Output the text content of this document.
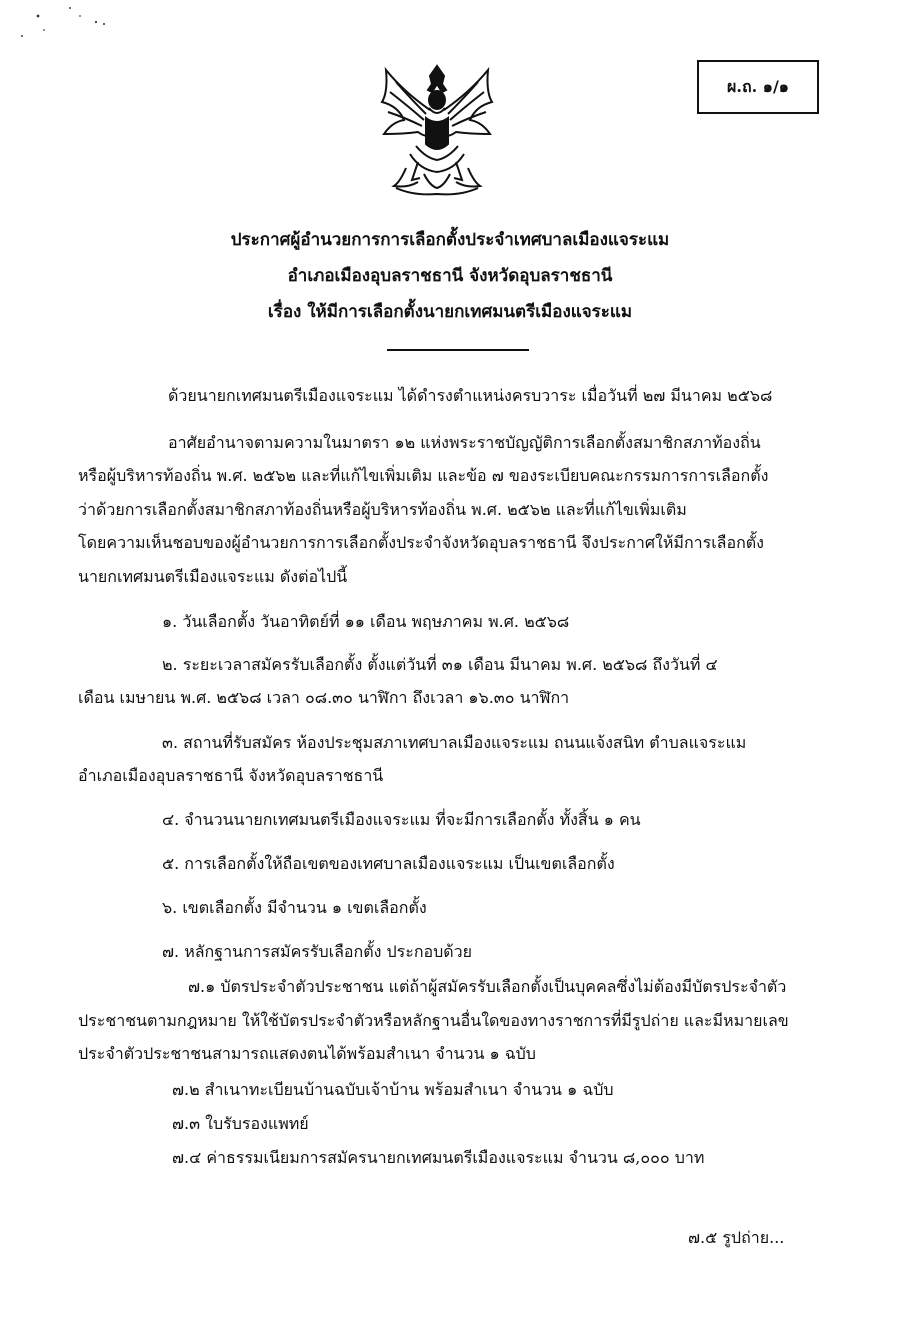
ผ.ถ. ๑/๑
ประกาศผู้อำนวยการการเลือกตั้งประจำเทศบาลเมืองแจระแม
อำเภอเมืองอุบลราชธานี จังหวัดอุบลราชธานี
เรื่อง ให้มีการเลือกตั้งนายกเทศมนตรีเมืองแจระแม
ด้วยนายกเทศมนตรีเมืองแจระแม ได้ดำรงตำแหน่งครบวาระ เมื่อวันที่ ๒๗ มีนาคม ๒๕๖๘
อาศัยอำนาจตามความในมาตรา ๑๒ แห่งพระราชบัญญัติการเลือกตั้งสมาชิกสภาท้องถิ่น
หรือผู้บริหารท้องถิ่น พ.ศ. ๒๕๖๒ และที่แก้ไขเพิ่มเติม และข้อ ๗ ของระเบียบคณะกรรมการการเลือกตั้ง
ว่าด้วยการเลือกตั้งสมาชิกสภาท้องถิ่นหรือผู้บริหารท้องถิ่น พ.ศ. ๒๕๖๒ และที่แก้ไขเพิ่มเติม
โดยความเห็นชอบของผู้อำนวยการการเลือกตั้งประจำจังหวัดอุบลราชธานี จึงประกาศให้มีการเลือกตั้ง
นายกเทศมนตรีเมืองแจระแม ดังต่อไปนี้
๑. วันเลือกตั้ง วันอาทิตย์ที่ ๑๑ เดือน พฤษภาคม พ.ศ. ๒๕๖๘
๒. ระยะเวลาสมัครรับเลือกตั้ง ตั้งแต่วันที่ ๓๑ เดือน มีนาคม พ.ศ. ๒๕๖๘ ถึงวันที่ ๔
เดือน เมษายน พ.ศ. ๒๕๖๘ เวลา ๐๘.๓๐ นาฬิกา ถึงเวลา ๑๖.๓๐ นาฬิกา
๓. สถานที่รับสมัคร ห้องประชุมสภาเทศบาลเมืองแจระแม ถนนแจ้งสนิท ตำบลแจระแม
อำเภอเมืองอุบลราชธานี จังหวัดอุบลราชธานี
๔. จำนวนนายกเทศมนตรีเมืองแจระแม ที่จะมีการเลือกตั้ง ทั้งสิ้น ๑ คน
๕. การเลือกตั้งให้ถือเขตของเทศบาลเมืองแจระแม เป็นเขตเลือกตั้ง
๖. เขตเลือกตั้ง มีจำนวน ๑ เขตเลือกตั้ง
๗. หลักฐานการสมัครรับเลือกตั้ง ประกอบด้วย
๗.๑ บัตรประจำตัวประชาชน แต่ถ้าผู้สมัครรับเลือกตั้งเป็นบุคคลซึ่งไม่ต้องมีบัตรประจำตัว
ประชาชนตามกฎหมาย ให้ใช้บัตรประจำตัวหรือหลักฐานอื่นใดของทางราชการที่มีรูปถ่าย และมีหมายเลข
ประจำตัวประชาชนสามารถแสดงตนได้พร้อมสำเนา จำนวน ๑ ฉบับ
๗.๒ สำเนาทะเบียนบ้านฉบับเจ้าบ้าน พร้อมสำเนา จำนวน ๑ ฉบับ
๗.๓ ใบรับรองแพทย์
๗.๔ ค่าธรรมเนียมการสมัครนายกเทศมนตรีเมืองแจระแม จำนวน ๘,๐๐๐ บาท
๗.๕ รูปถ่าย...
